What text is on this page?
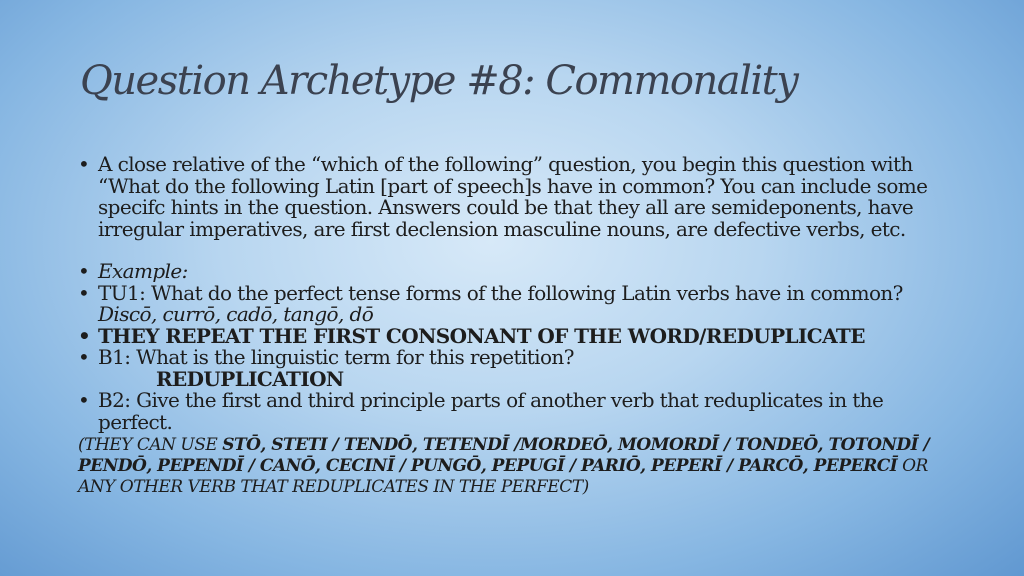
Question Archetype #8: Commonality

• A close relative of the “which of the following” question, you begin this question with “What do the following Latin [part of speech]s have in common? You can include some specifc hints in the question. Answers could be that they all are semideponents, have irregular imperatives, are first declension masculine nouns, are defective verbs, etc.

• Example:

• TU1: What do the perfect tense forms of the following Latin verbs have in common? Discō, currō, cadō, tangō, dō

• THEY REPEAT THE FIRST CONSONANT OF THE WORD/REDUPLICATE

• B1: What is the linguistic term for this repetition?

REDUPLICATION

• B2: Give the first and third principle parts of another verb that reduplicates in the perfect.

(THEY CAN USE STŌ, STETI / TENDŌ, TETENDĪ /MORDEŌ, MOMORDĪ / TONDEŌ, TOTONDĪ / PENDŌ, PEPENDĪ / CANŌ, CECINĪ / PUNGŌ, PEPUGĪ / PARIŌ, PEPERĪ / PARCŌ, PEPERCĪ OR ANY OTHER VERB THAT REDUPLICATES IN THE PERFECT)
